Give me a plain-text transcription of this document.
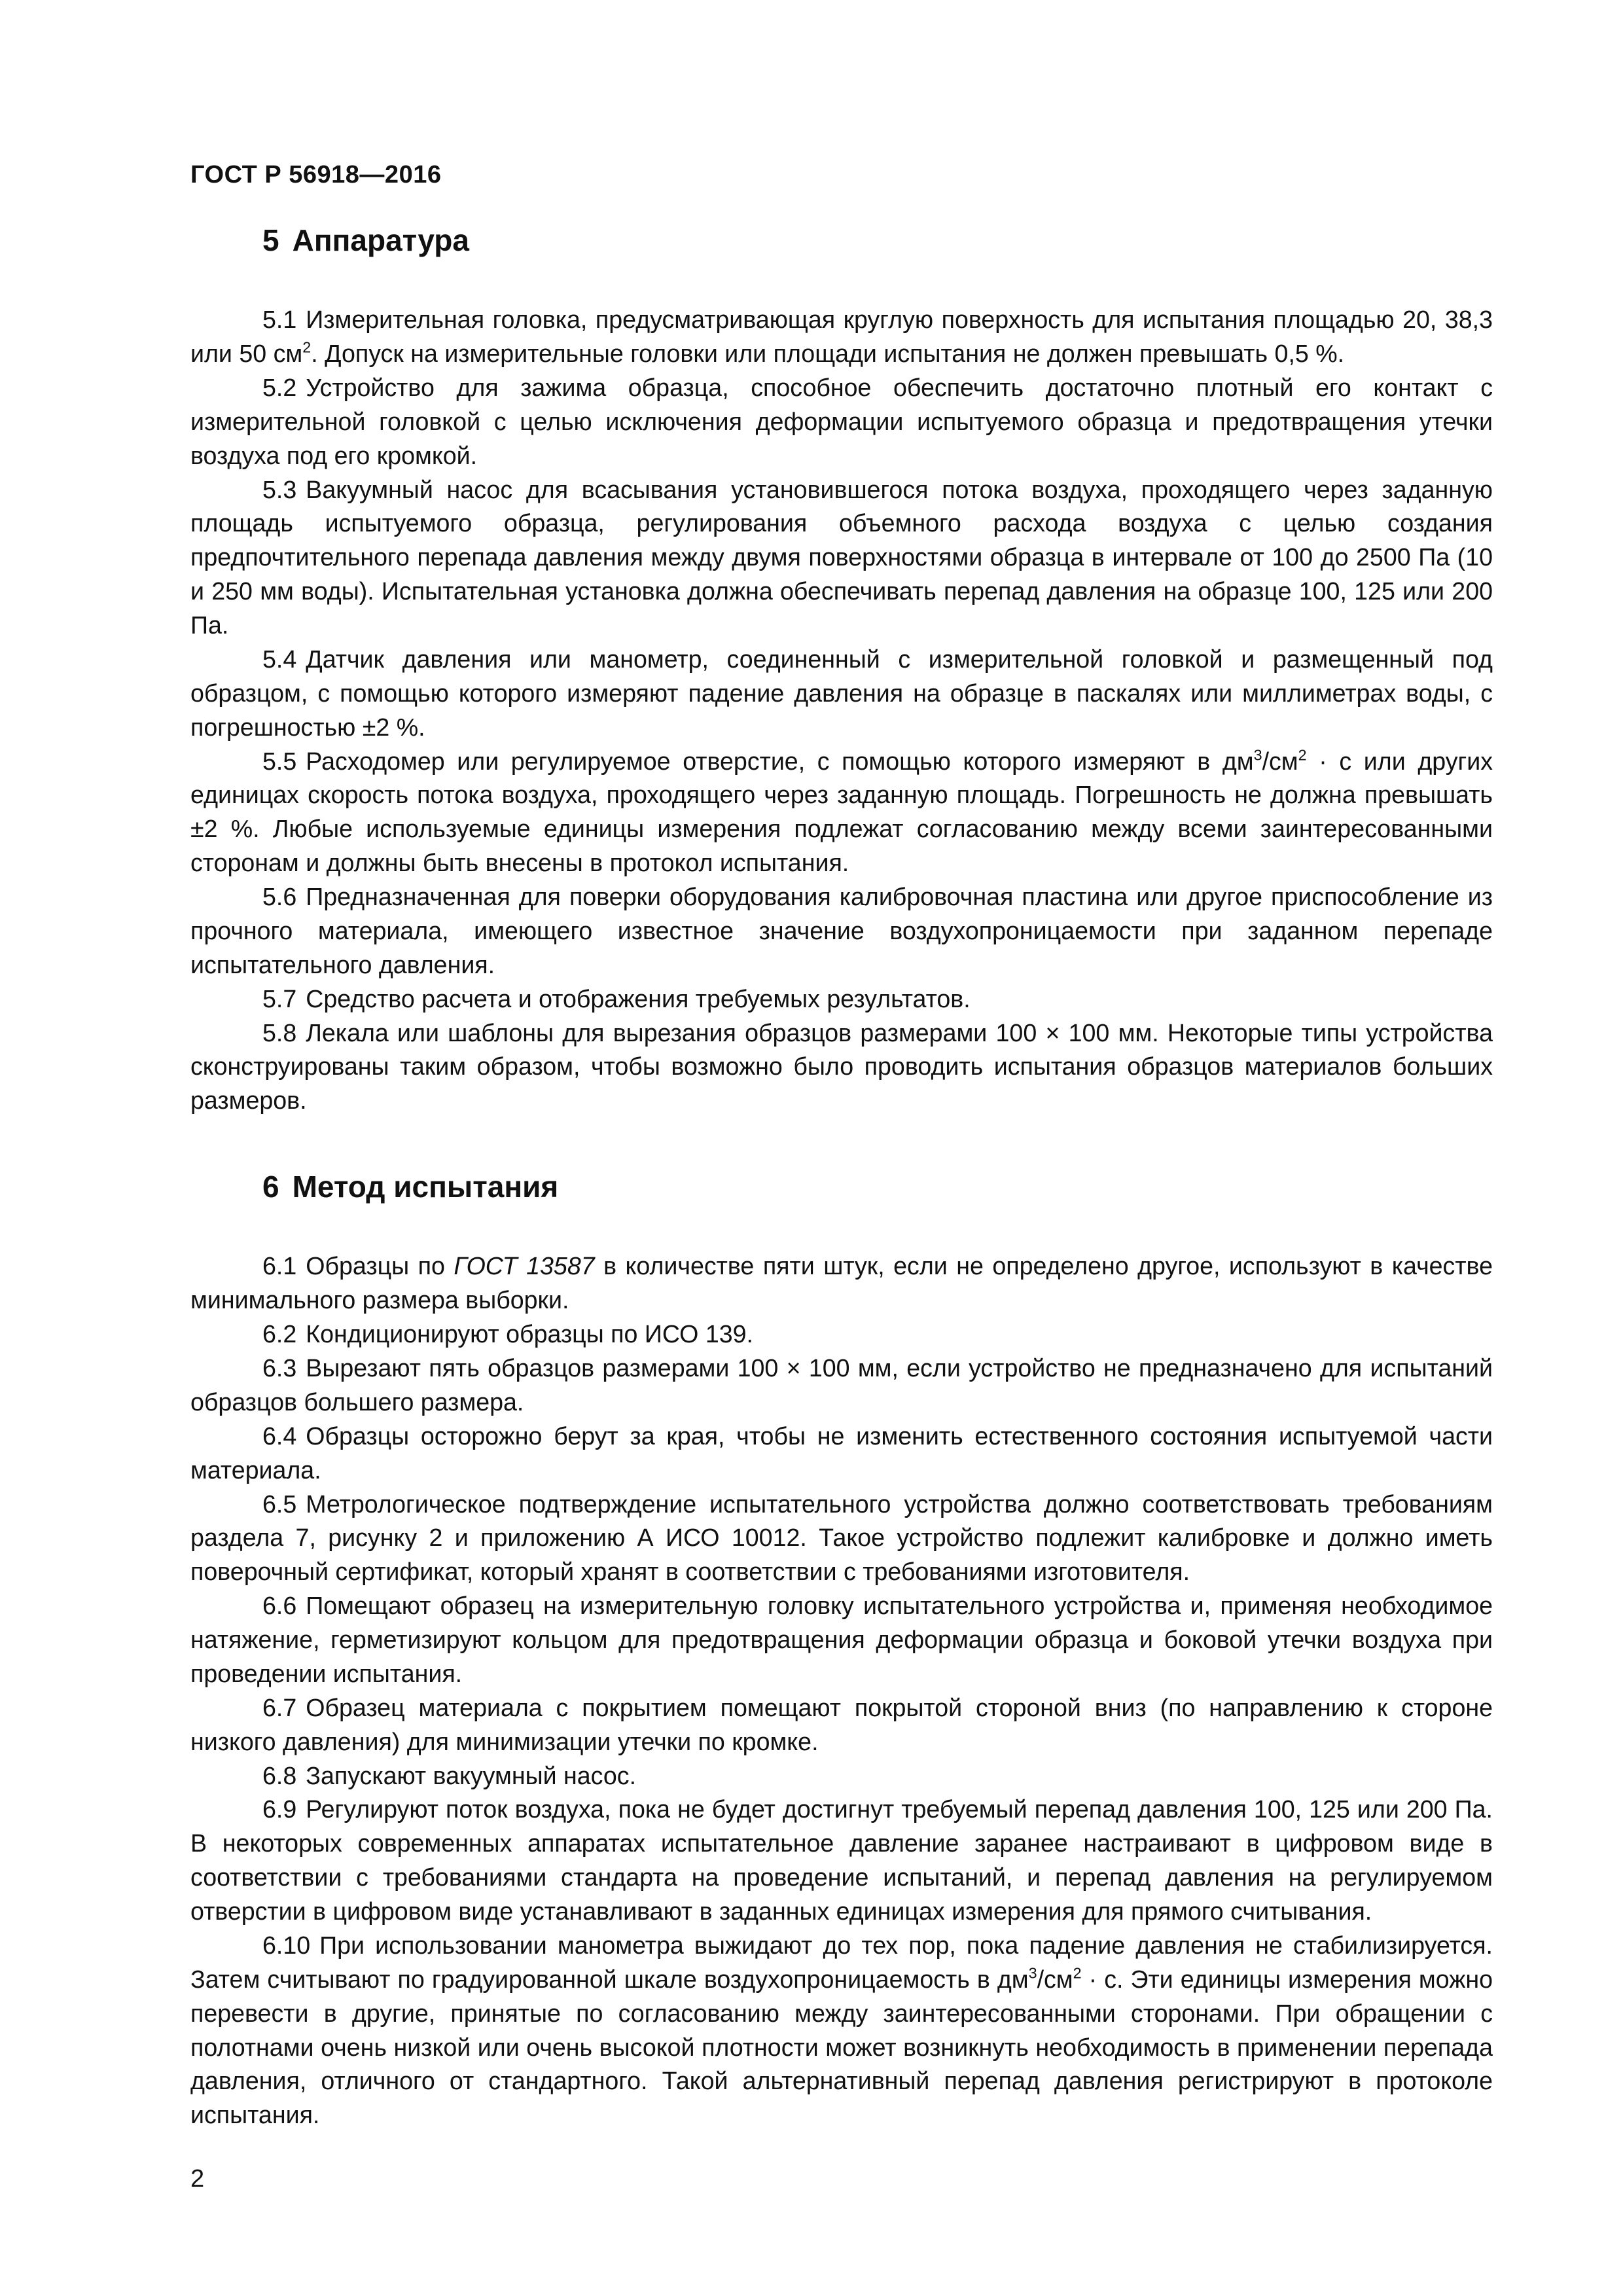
ГОСТ Р 56918—2016
5 Аппаратура

5.1 Измерительная головка, предусматривающая круглую поверхность для испытания площадью 20, 38,3 или 50 $см^2$. Допуск на измерительные головки или площади испытания не должен превышать 0,5 %.

5.2 Устройство для зажима образца, способное обеспечить достаточно плотный его контакт с измерительной головкой с целью исключения деформации испытуемого образца и предотвращения утечки воздуха под его кромкой.

5.3 Вакуумный насос для всасывания установившегося потока воздуха, проходящего через заданную площадь испытуемого образца, регулирования объемного расхода воздуха с целью создания предпочтительного перепада давления между двумя поверхностями образца в интервале от 100 до 2500 Па (10 и 250 мм воды). Испытательная установка должна обеспечивать перепад давления на образце 100, 125 или 200 Па.

5.4 Датчик давления или манометр, соединенный с измерительной головкой и размещенный под образцом, с помощью которого измеряют падение давления на образце в паскалях или миллиметрах воды, с погрешностью ±2 %.

5.5 Расходомер или регулируемое отверстие, с помощью которого измеряют в $дм^3/см^2 \cdot с$ или других единицах скорость потока воздуха, проходящего через заданную площадь. Погрешность не должна превышать ±2 %. Любые используемые единицы измерения подлежат согласованию между всеми заинтересованными сторонам и должны быть внесены в протокол испытания.

5.6 Предназначенная для поверки оборудования калибровочная пластина или другое приспособление из прочного материала, имеющего известное значение воздухопроницаемости при заданном перепаде испытательного давления.

5.7 Средство расчета и отображения требуемых результатов.

5.8 Лекала или шаблоны для вырезания образцов размерами 100 × 100 мм. Некоторые типы устройства сконструированы таким образом, чтобы возможно было проводить испытания образцов материалов больших размеров.

6 Метод испытания

6.1 Образцы по ГОСТ 13587 в количестве пяти штук, если не определено другое, используют в качестве минимального размера выборки.

6.2 Кондиционируют образцы по ИСО 139.

6.3 Вырезают пять образцов размерами 100 × 100 мм, если устройство не предназначено для испытаний образцов большего размера.

6.4 Образцы осторожно берут за края, чтобы не изменить естественного состояния испытуемой части материала.

6.5 Метрологическое подтверждение испытательного устройства должно соответствовать требованиям раздела 7, рисунку 2 и приложению А ИСО 10012. Такое устройство подлежит калибровке и должно иметь поверочный сертификат, который хранят в соответствии с требованиями изготовителя.

6.6 Помещают образец на измерительную головку испытательного устройства и, применяя необходимое натяжение, герметизируют кольцом для предотвращения деформации образца и боковой утечки воздуха при проведении испытания.

6.7 Образец материала с покрытием помещают покрытой стороной вниз (по направлению к стороне низкого давления) для минимизации утечки по кромке.

6.8 Запускают вакуумный насос.

6.9 Регулируют поток воздуха, пока не будет достигнут требуемый перепад давления 100, 125 или 200 Па. В некоторых современных аппаратах испытательное давление заранее настраивают в цифровом виде в соответствии с требованиями стандарта на проведение испытаний, и перепад давления на регулируемом отверстии в цифровом виде устанавливают в заданных единицах измерения для прямого считывания.

6.10 При использовании манометра выжидают до тех пор, пока падение давления не стабилизируется. Затем считывают по градуированной шкале воздухопроницаемость в $дм^3/см^2 \cdot с$. Эти единицы измерения можно перевести в другие, принятые по согласованию между заинтересованными сторонами. При обращении с полотнами очень низкой или очень высокой плотности может возникнуть необходимость в применении перепада давления, отличного от стандартного. Такой альтернативный перепад давления регистрируют в протоколе испытания.

2
